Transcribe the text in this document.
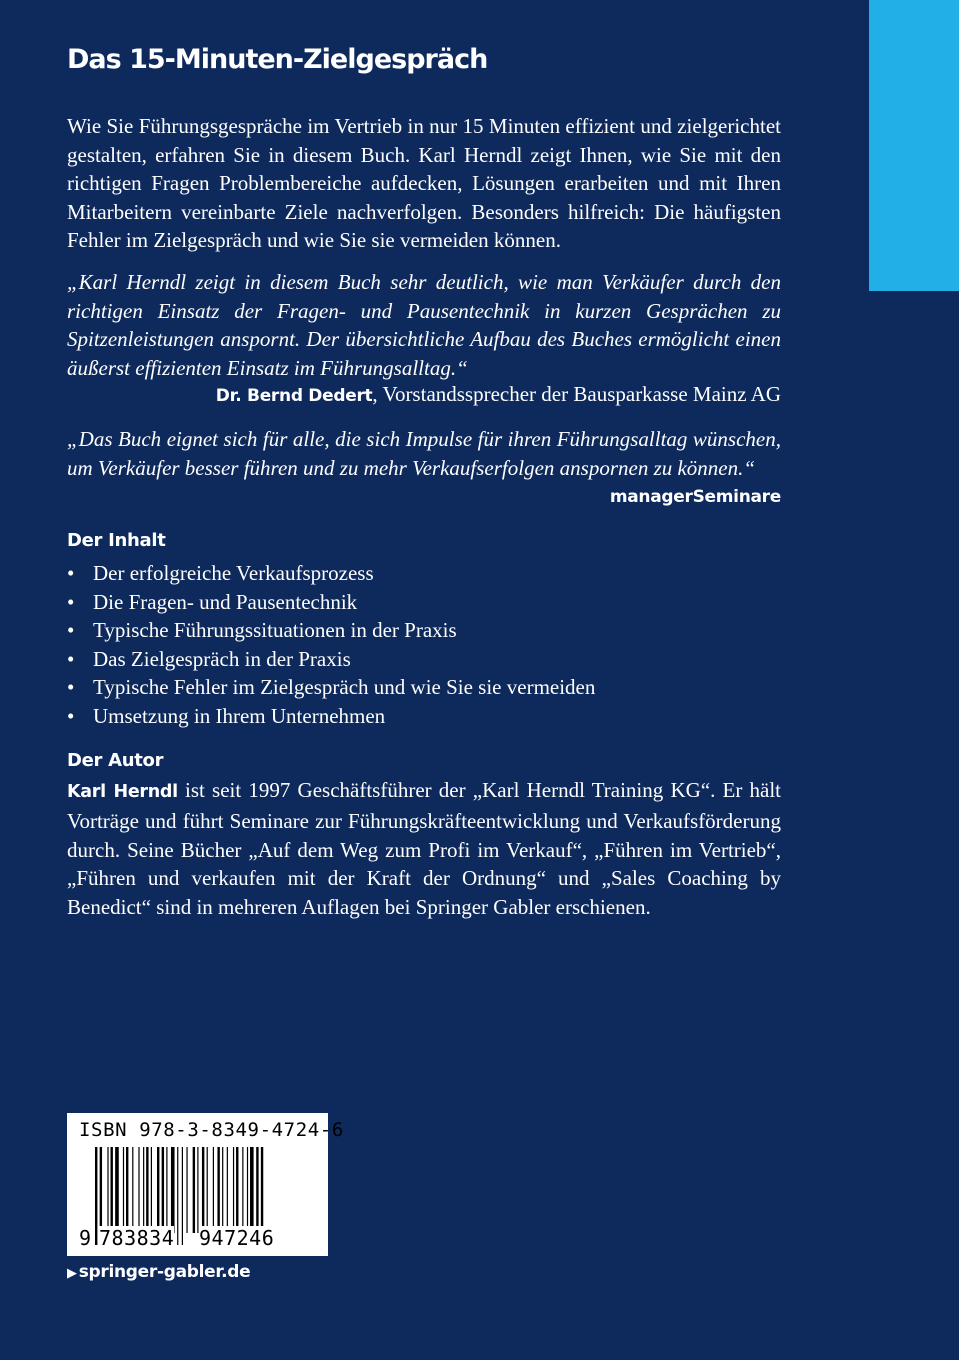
Das 15-Minuten-Zielgespräch

Wie Sie Führungsgespräche im Vertrieb in nur 15 Minuten effizient und zielgerichtet gestalten, erfahren Sie in diesem Buch. Karl Herndl zeigt Ihnen, wie Sie mit den richtigen Fragen Problembereiche aufdecken, Lösungen erarbeiten und mit Ihren Mitarbeitern vereinbarte Ziele nachverfolgen. Besonders hilfreich: Die häufigsten Fehler im Zielgespräch und wie Sie sie vermeiden können.

„Karl Herndl zeigt in diesem Buch sehr deutlich, wie man Verkäufer durch den richtigen Einsatz der Fragen- und Pausentechnik in kurzen Gesprächen zu Spitzenleistungen anspornt. Der übersichtliche Aufbau des Buches ermöglicht einen äußerst effizienten Einsatz im Führungsalltag.“

Dr. Bernd Dedert, Vorstandssprecher der Bausparkasse Mainz AG

„Das Buch eignet sich für alle, die sich Impulse für ihren Führungsalltag wünschen, um Verkäufer besser führen und zu mehr Verkaufserfolgen anspornen zu können.“

managerSeminare
Der Inhalt
• Der erfolgreiche Verkaufsprozess
• Die Fragen- und Pausentechnik
• Typische Führungssituationen in der Praxis
• Das Zielgespräch in der Praxis
• Typische Fehler im Zielgespräch und wie Sie sie vermeiden
• Umsetzung in Ihrem Unternehmen
Der Autor

Karl Herndl ist seit 1997 Geschäftsführer der „Karl Herndl Training KG“. Er hält Vorträge und führt Seminare zur Führungskräfteentwicklung und Verkaufsförderung durch. Seine Bücher „Auf dem Weg zum Profi im Verkauf“, „Führen im Vertrieb“, „Führen und verkaufen mit der Kraft der Ordnung“ und „Sales Coaching by Benedict“ sind in mehreren Auflagen bei Springer Gabler erschienen.

ISBN 978-3-8349-4724-6
9 783834 947246
▶ springer-gabler.de
